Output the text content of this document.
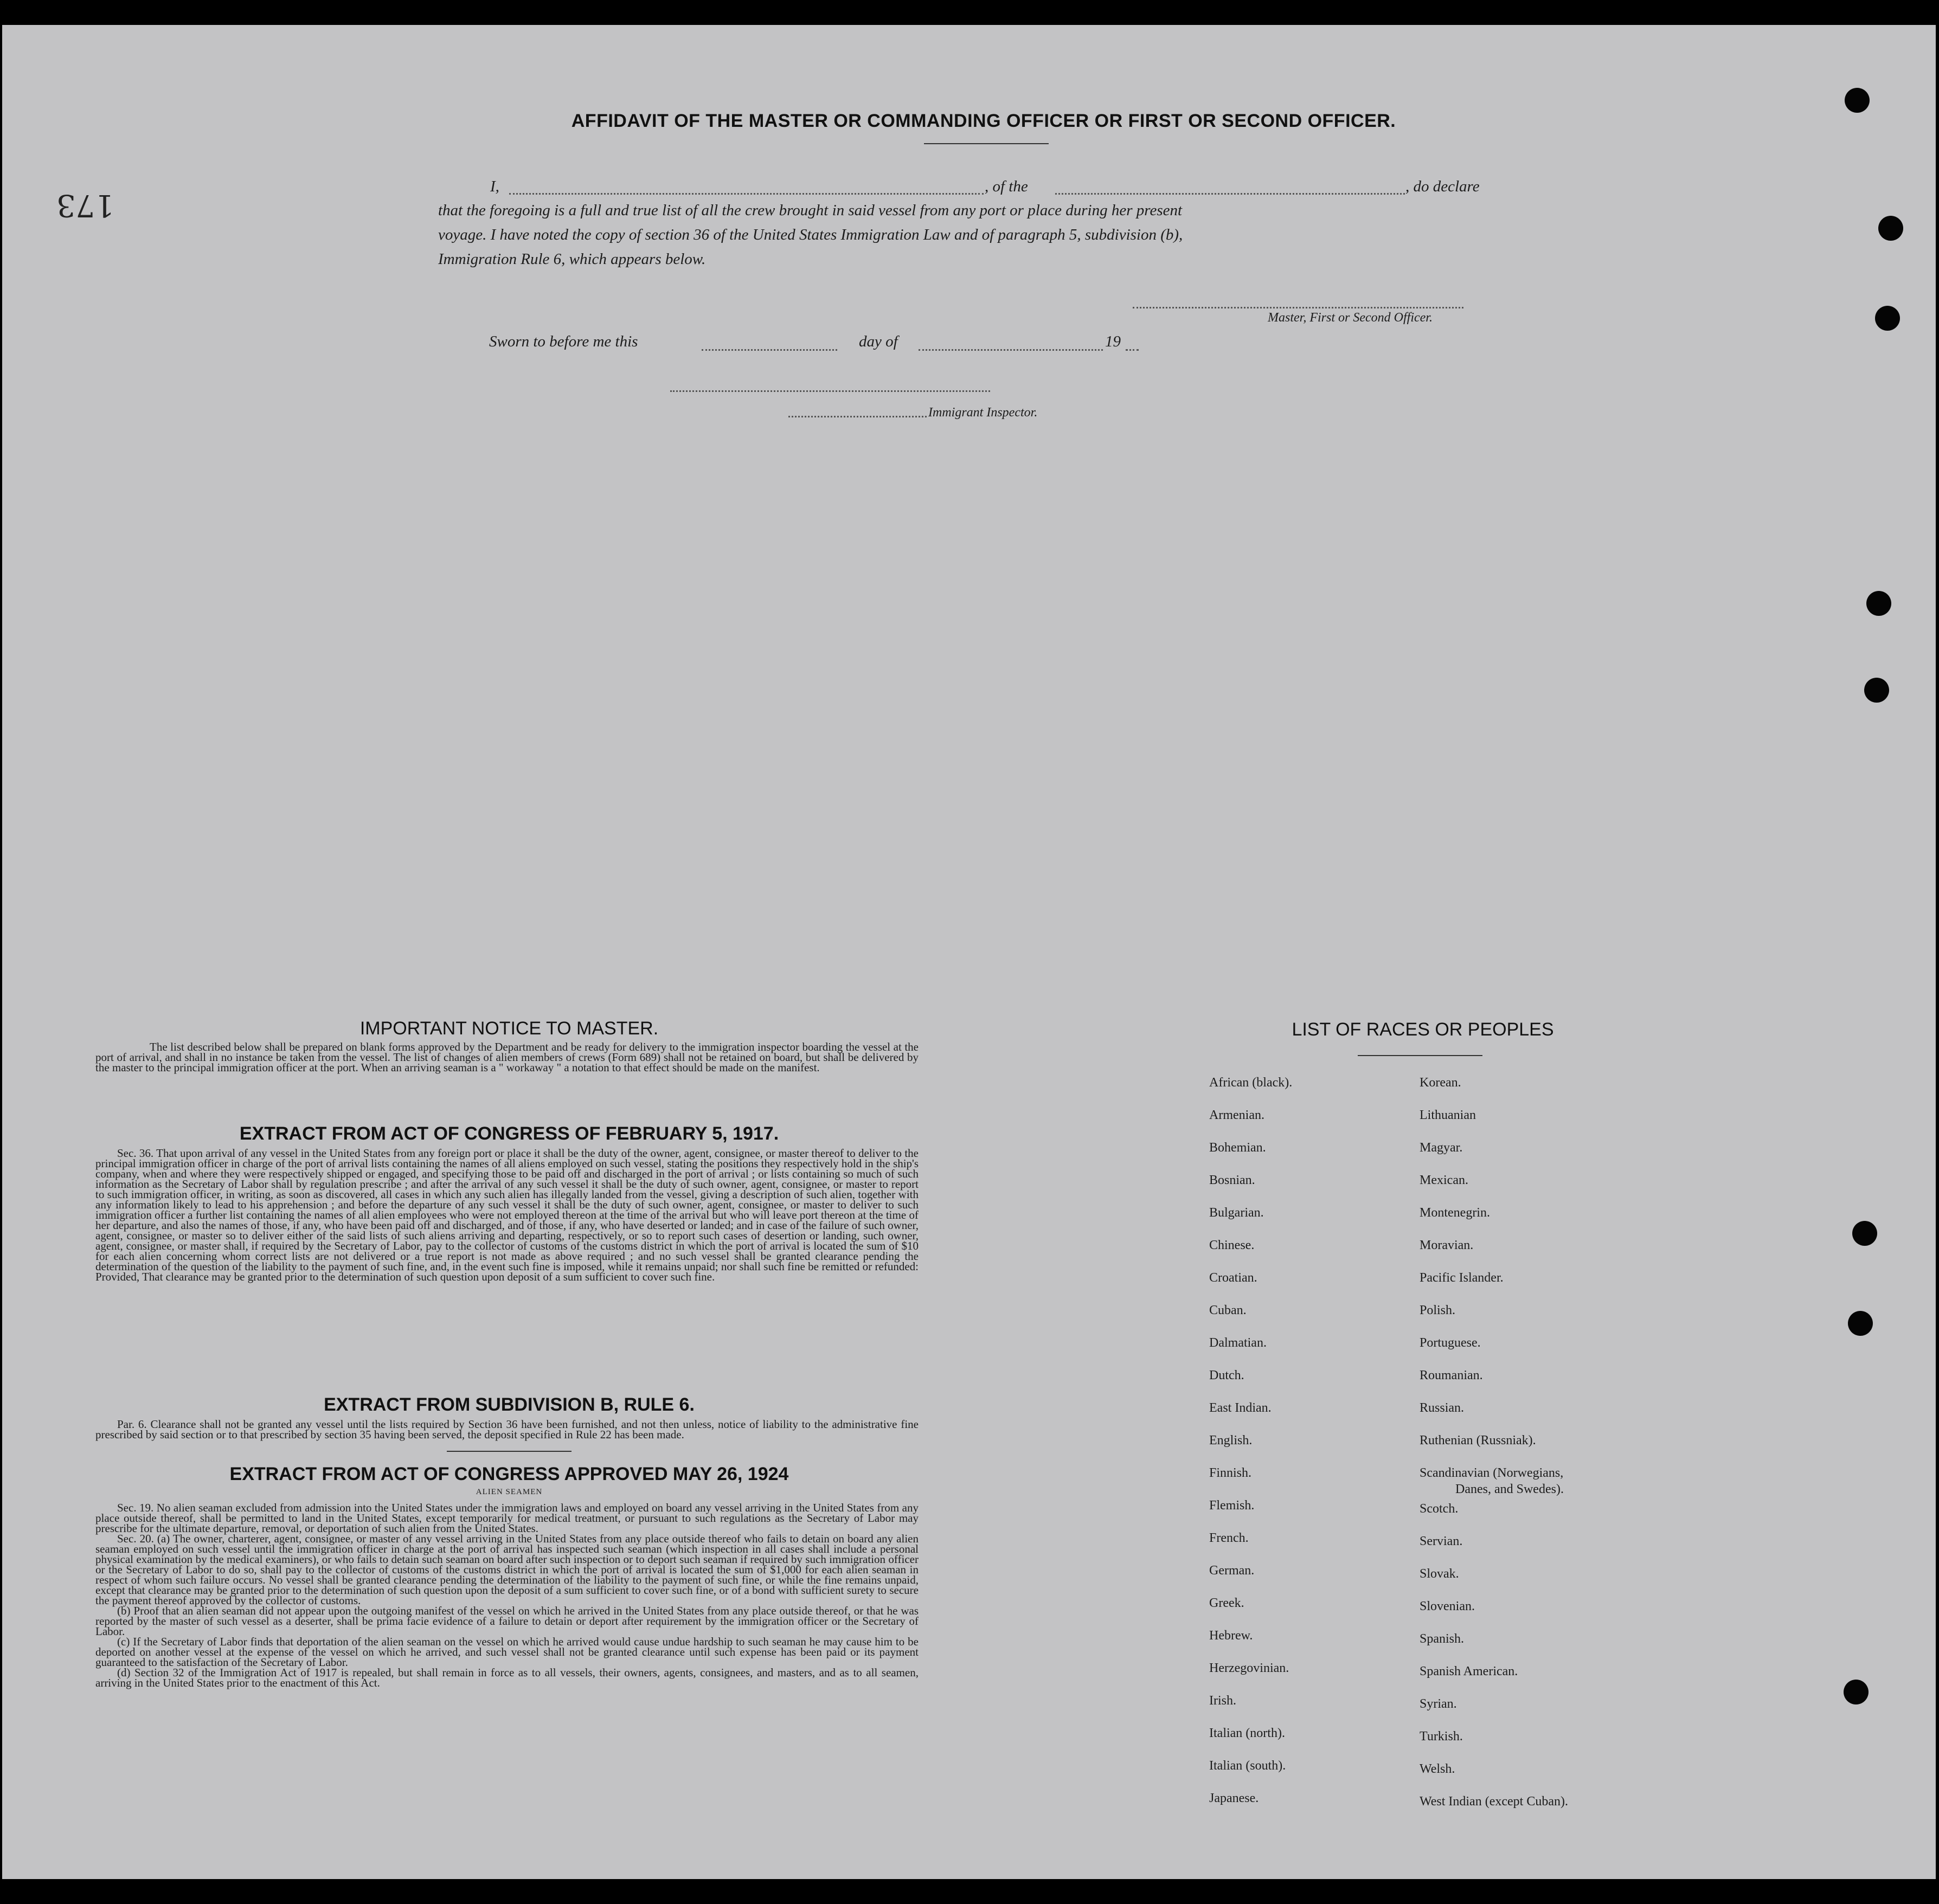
173
AFFIDAVIT OF THE MASTER OR COMMANDING OFFICER OR FIRST OR SECOND OFFICER.
I,	, of the	, do declare
that the foregoing is a full and true list of all the crew brought in said vessel from any port or place during her present
voyage. I have noted the copy of section 36 of the United States Immigration Law and of paragraph 5, subdivision (b),
Immigration Rule 6, which appears below.
Master, First or Second Officer.
Sworn to before me this	day of	19
Immigrant Inspector.
IMPORTANT NOTICE TO MASTER.

The list described below shall be prepared on blank forms approved by the Department and be ready for delivery to the immigration inspector boarding the vessel at the port of arrival, and shall in no instance be taken from the vessel. The list of changes of alien members of crews (Form 689) shall not be retained on board, but shall be delivered by the master to the principal immigration officer at the port. When an arriving seaman is a " workaway " a notation to that effect should be made on the manifest.

EXTRACT FROM ACT OF CONGRESS OF FEBRUARY 5, 1917.

Sec. 36. That upon arrival of any vessel in the United States from any foreign port or place it shall be the duty of the owner, agent, consignee, or master thereof to deliver to the principal immigration officer in charge of the port of arrival lists containing the names of all aliens employed on such vessel, stating the positions they respectively hold in the ship's company, when and where they were respectively shipped or engaged, and specifying those to be paid off and discharged in the port of arrival ; or lists containing so much of such information as the Secretary of Labor shall by regulation prescribe ; and after the arrival of any such vessel it shall be the duty of such owner, agent, consignee, or master to report to such immigration officer, in writing, as soon as discovered, all cases in which any such alien has illegally landed from the vessel, giving a description of such alien, together with any information likely to lead to his apprehension ; and before the departure of any such vessel it shall be the duty of such owner, agent, consignee, or master to deliver to such immigration officer a further list containing the names of all alien employees who were not employed thereon at the time of the arrival but who will leave port thereon at the time of her departure, and also the names of those, if any, who have been paid off and discharged, and of those, if any, who have deserted or landed; and in case of the failure of such owner, agent, consignee, or master so to deliver either of the said lists of such aliens arriving and departing, respectively, or so to report such cases of desertion or landing, such owner, agent, consignee, or master shall, if required by the Secretary of Labor, pay to the collector of customs of the customs district in which the port of arrival is located the sum of $10 for each alien concerning whom correct lists are not delivered or a true report is not made as above required ; and no such vessel shall be granted clearance pending the determination of the question of the liability to the payment of such fine, and, in the event such fine is imposed, while it remains unpaid; nor shall such fine be remitted or refunded: Provided, That clearance may be granted prior to the determination of such question upon deposit of a sum sufficient to cover such fine.

EXTRACT FROM SUBDIVISION B, RULE 6.

Par. 6. Clearance shall not be granted any vessel until the lists required by Section 36 have been furnished, and not then unless, notice of liability to the administrative fine prescribed by said section or to that prescribed by section 35 having been served, the deposit specified in Rule 22 has been made.

EXTRACT FROM ACT OF CONGRESS APPROVED MAY 26, 1924
ALIEN SEAMEN

Sec. 19. No alien seaman excluded from admission into the United States under the immigration laws and employed on board any vessel arriving in the United States from any place outside thereof, shall be permitted to land in the United States, except temporarily for medical treatment, or pursuant to such regulations as the Secretary of Labor may prescribe for the ultimate departure, removal, or deportation of such alien from the United States.

Sec. 20. (a) The owner, charterer, agent, consignee, or master of any vessel arriving in the United States from any place outside thereof who fails to detain on board any alien seaman employed on such vessel until the immigration officer in charge at the port of arrival has inspected such seaman (which inspection in all cases shall include a personal physical examination by the medical examiners), or who fails to detain such seaman on board after such inspection or to deport such seaman if required by such immigration officer or the Secretary of Labor to do so, shall pay to the collector of customs of the customs district in which the port of arrival is located the sum of $1,000 for each alien seaman in respect of whom such failure occurs. No vessel shall be granted clearance pending the determination of the liability to the payment of such fine, or while the fine remains unpaid, except that clearance may be granted prior to the determination of such question upon the deposit of a sum sufficient to cover such fine, or of a bond with sufficient surety to secure the payment thereof approved by the collector of customs.

(b) Proof that an alien seaman did not appear upon the outgoing manifest of the vessel on which he arrived in the United States from any place outside thereof, or that he was reported by the master of such vessel as a deserter, shall be prima facie evidence of a failure to detain or deport after requirement by the immigration officer or the Secretary of Labor.

(c) If the Secretary of Labor finds that deportation of the alien seaman on the vessel on which he arrived would cause undue hardship to such seaman he may cause him to be deported on another vessel at the expense of the vessel on which he arrived, and such vessel shall not be granted clearance until such expense has been paid or its payment guaranteed to the satisfaction of the Secretary of Labor.

(d) Section 32 of the Immigration Act of 1917 is repealed, but shall remain in force as to all vessels, their owners, agents, consignees, and masters, and as to all seamen, arriving in the United States prior to the enactment of this Act.

LIST OF RACES OR PEOPLES
African (black).
Armenian.
Bohemian.
Bosnian.
Bulgarian.
Chinese.
Croatian.
Cuban.
Dalmatian.
Dutch.
East Indian.
English.
Finnish.
Flemish.
French.
German.
Greek.
Hebrew.
Herzegovinian.
Irish.
Italian (north).
Italian (south).
Japanese.
Korean.
Lithuanian
Magyar.
Mexican.
Montenegrin.
Moravian.
Pacific Islander.
Polish.
Portuguese.
Roumanian.
Russian.
Ruthenian (Russniak).
Scandinavian (Norwegians,
Danes, and Swedes).
Scotch.
Servian.
Slovak.
Slovenian.
Spanish.
Spanish American.
Syrian.
Turkish.
Welsh.
West Indian (except Cuban).
